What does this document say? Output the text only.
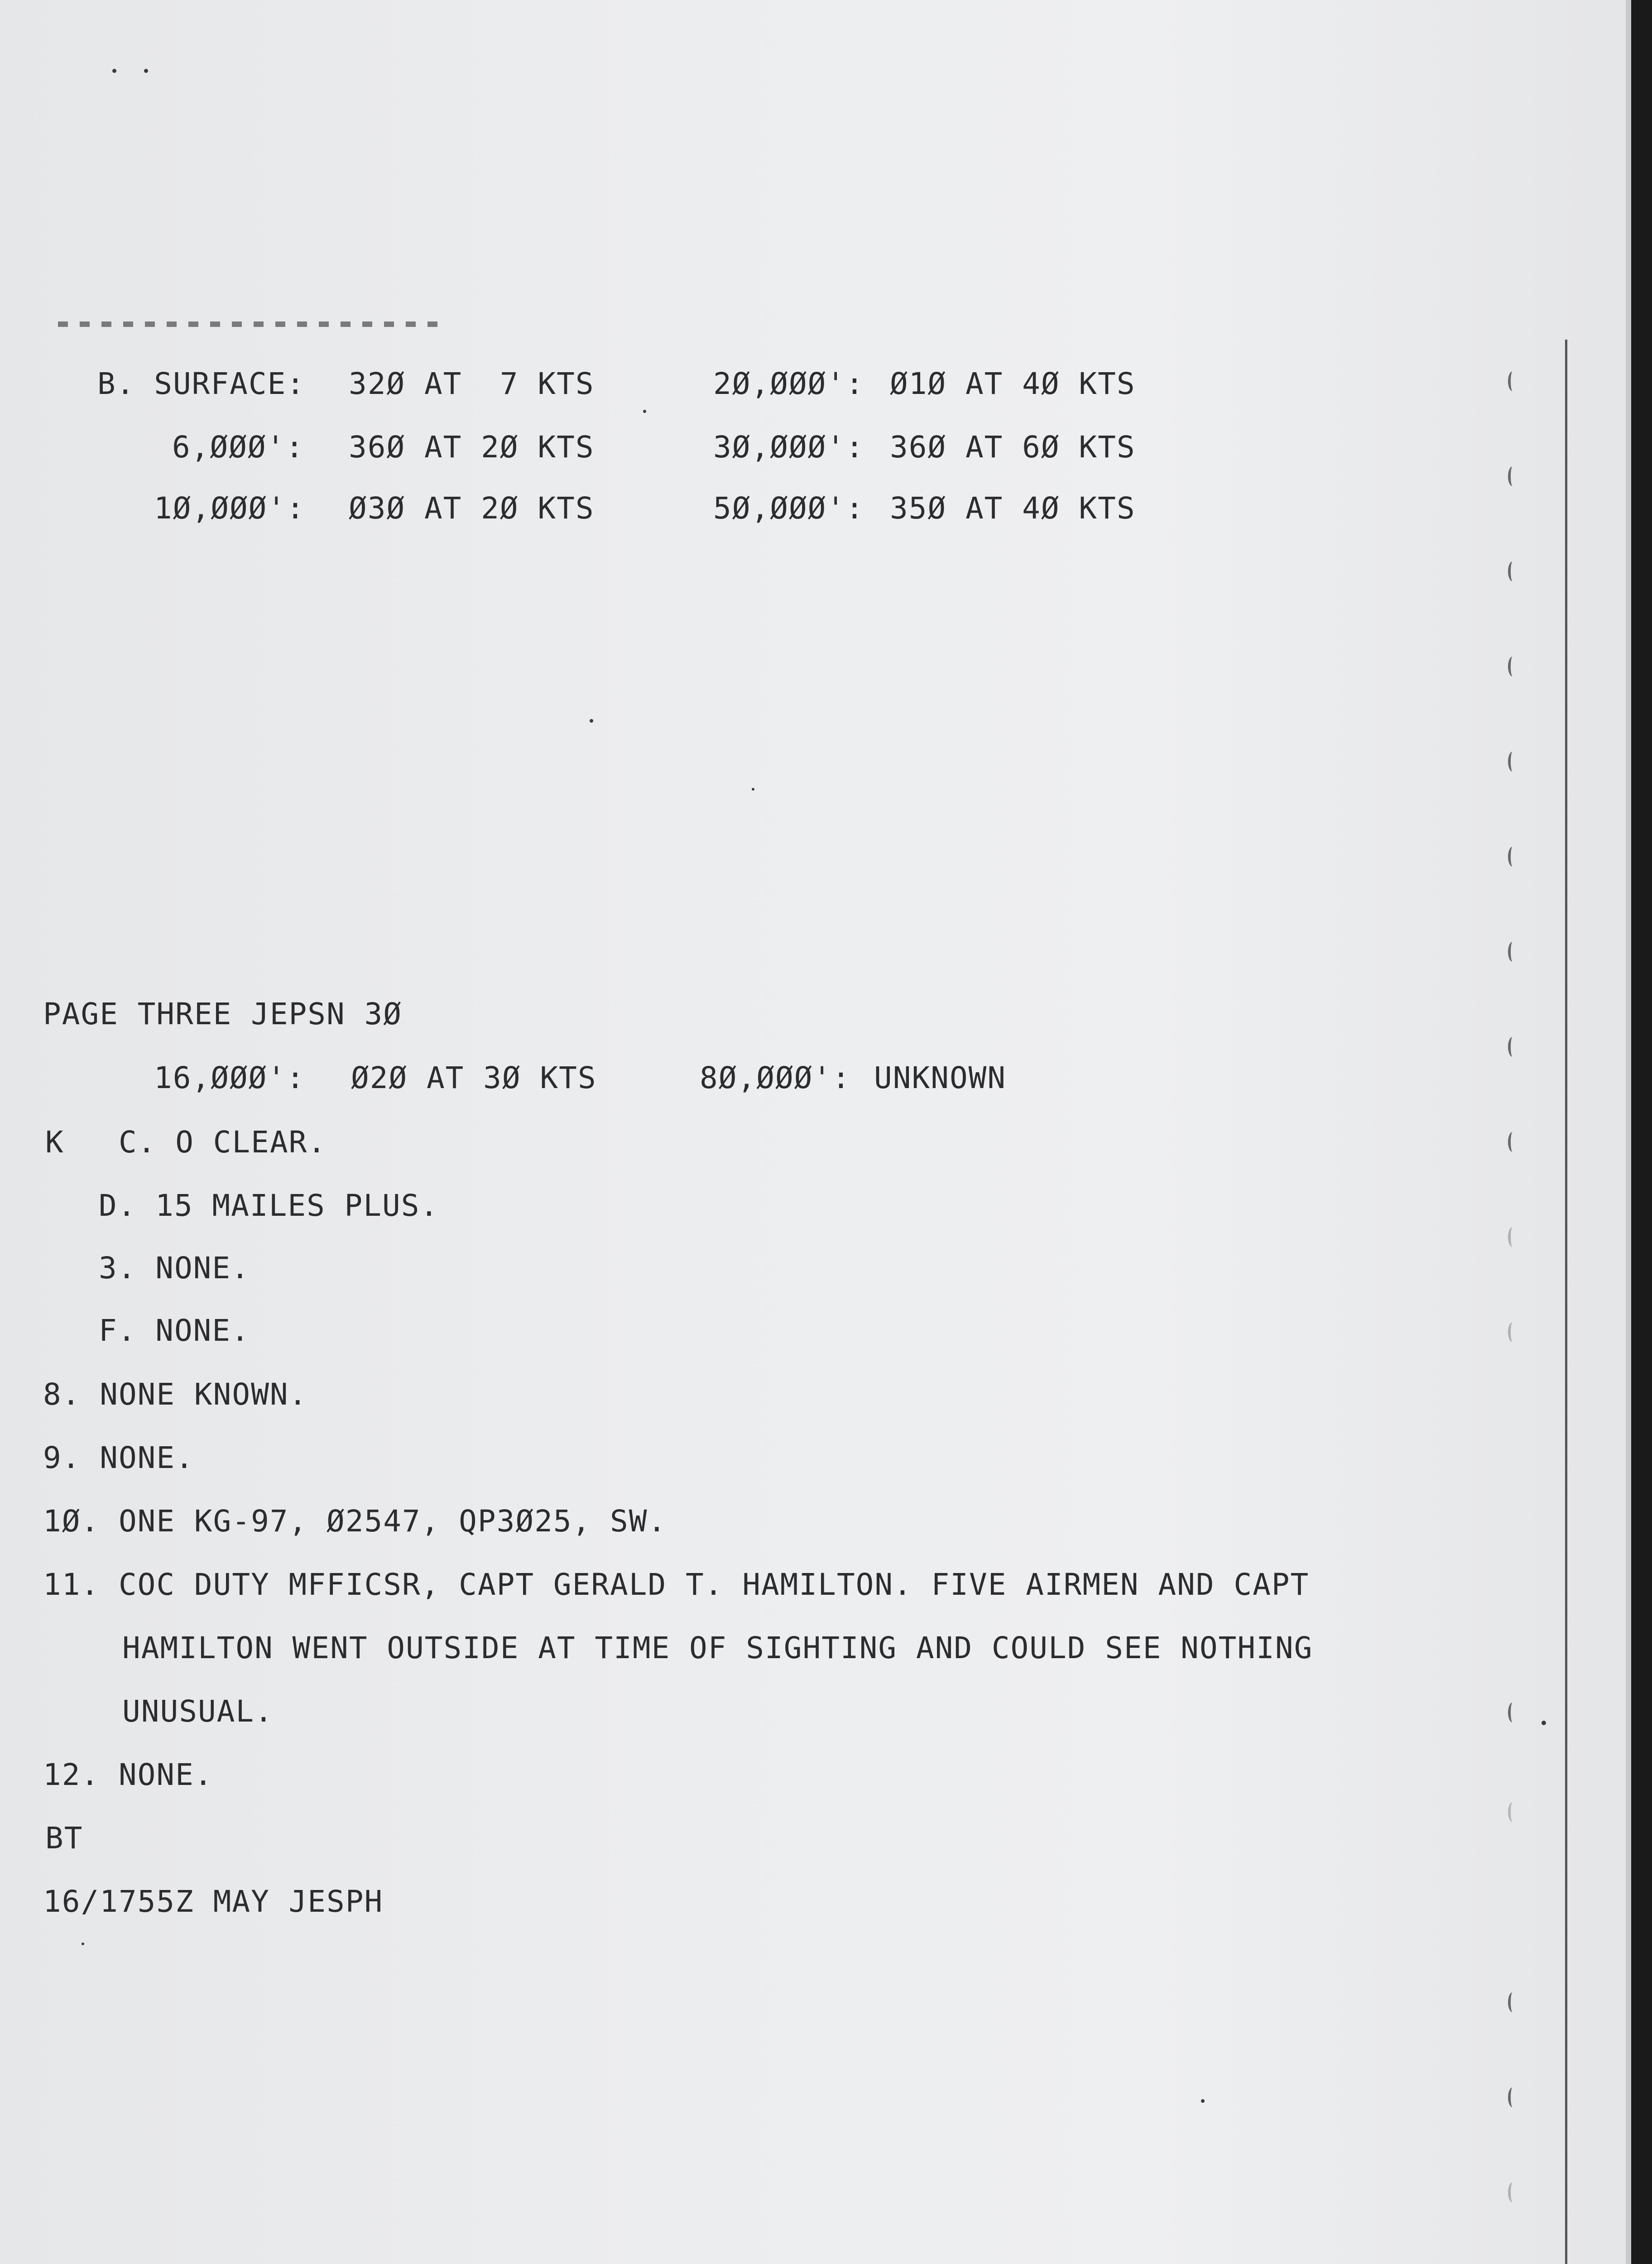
B. SURFACE: 32Ø AT  7 KTS	2Ø,ØØØ': Ø1Ø AT 4Ø KTS
6,ØØØ': 36Ø AT 2Ø KTS	3Ø,ØØØ': 36Ø AT 6Ø KTS
1Ø,ØØØ': Ø3Ø AT 2Ø KTS	5Ø,ØØØ': 35Ø AT 4Ø KTS
PAGE THREE JEPSN 3Ø
16,ØØØ': Ø2Ø AT 3Ø KTS	8Ø,ØØØ': UNKNOWN
K C. O CLEAR.
D. 15 MAILES PLUS.
3. NONE.
F. NONE.
8. NONE KNOWN.
9. NONE.
1Ø. ONE KG-97, Ø2547, QP3Ø25, SW.
11. COC DUTY MFFICSR, CAPT GERALD T. HAMILTON. FIVE AIRMEN AND CAPT
HAMILTON WENT OUTSIDE AT TIME OF SIGHTING AND COULD SEE NOTHING
UNUSUAL.
12. NONE.
BT
16/1755Z MAY JESPH
